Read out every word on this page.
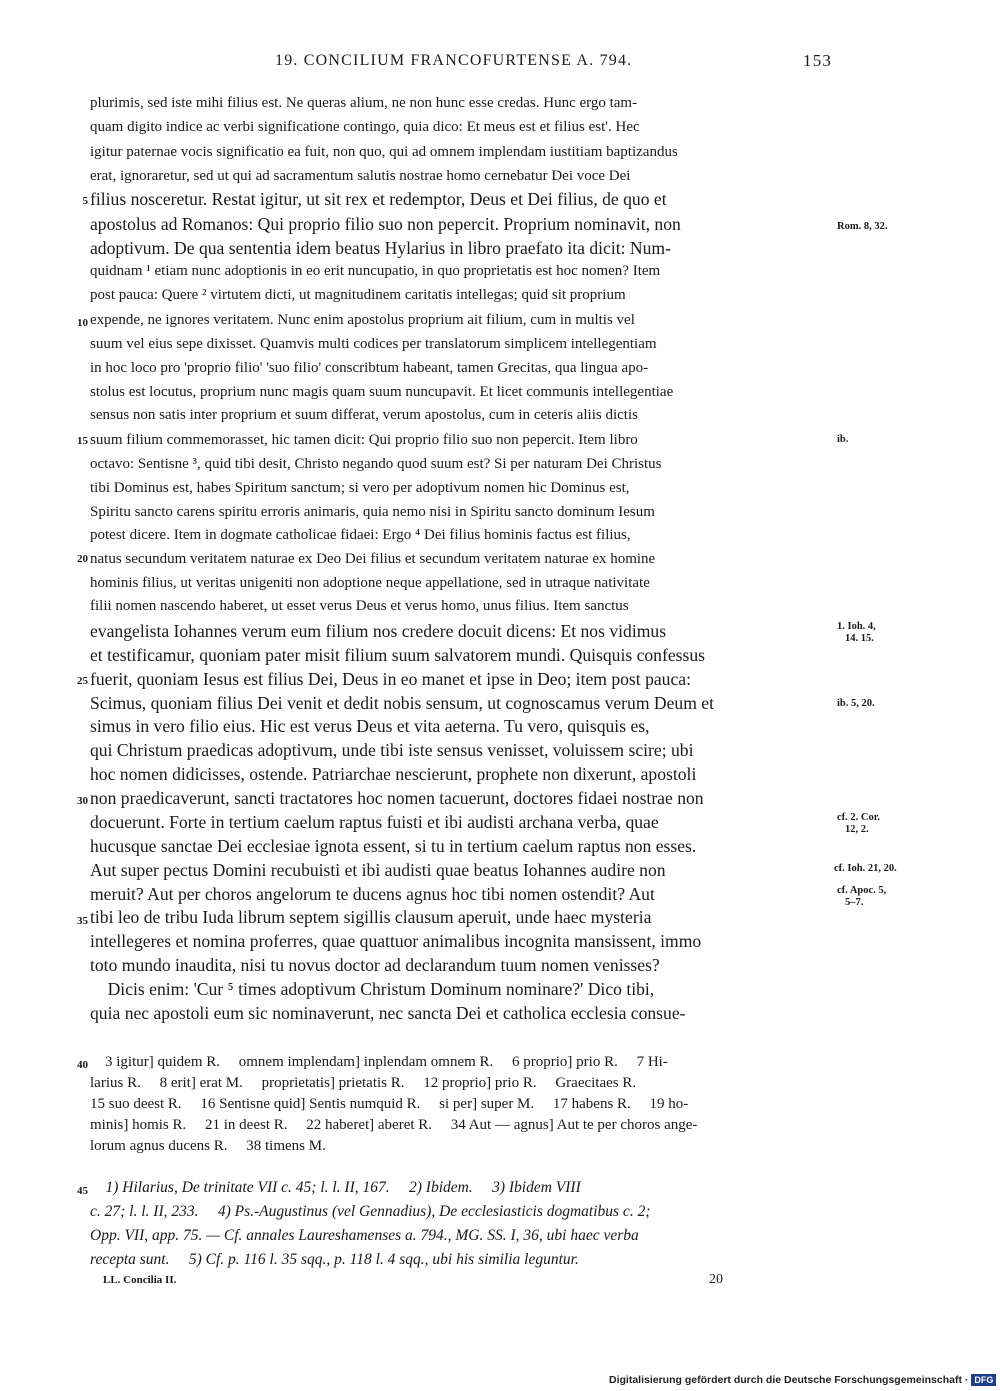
19. CONCILIUM FRANCOFURTENSE A. 794.	153
plurimis, sed iste mihi filius est. Ne queras alium, ne non hunc esse credas. Hunc ergo tam-
quam digito indice ac verbi significatione contingo, quia dico: Et meus est et filius est'. Hec
igitur paternae vocis significatio ea fuit, non quo, qui ad omnem implendam iustitiam baptizandus
erat, ignoraretur, sed ut qui ad sacramentum salutis nostrae homo cernebatur Dei voce Dei
filius nosceretur. Restat igitur, ut sit rex et redemptor, Deus et Dei filius, de quo et
apostolus ad Romanos: Qui proprio filio suo non pepercit. Proprium nominavit, non
adoptivum. De qua sententia idem beatus Hylarius in libro praefato ita dicit: Num-
quidnam ¹ etiam nunc adoptionis in eo erit nuncupatio, in quo proprietatis est hoc nomen? Item
post pauca: Quere ² virtutem dicti, ut magnitudinem caritatis intellegas; quid sit proprium
expende, ne ignores veritatem. Nunc enim apostolus proprium ait filium, cum in multis vel
suum vel eius sepe dixisset. Quamvis multi codices per translatorum simplicem intellegentiam
in hoc loco pro 'proprio filio' 'suo filio' conscribtum habeant, tamen Grecitas, qua lingua apo-
stolus est locutus, proprium nunc magis quam suum nuncupavit. Et licet communis intellegentiae
sensus non satis inter proprium et suum differat, verum apostolus, cum in ceteris aliis dictis
suum filium commemorasset, hic tamen dicit: Qui proprio filio suo non pepercit. Item libro
octavo: Sentisne ³, quid tibi desit, Christo negando quod suum est? Si per naturam Dei Christus
tibi Dominus est, habes Spiritum sanctum; si vero per adoptivum nomen hic Dominus est,
Spiritu sancto carens spiritu erroris animaris, quia nemo nisi in Spiritu sancto dominum Iesum
potest dicere. Item in dogmate catholicae fidaei: Ergo ⁴ Dei filius hominis factus est filius,
natus secundum veritatem naturae ex Deo Dei filius et secundum veritatem naturae ex homine
hominis filius, ut veritas unigeniti non adoptione neque appellatione, sed in utraque nativitate
filii nomen nascendo haberet, ut esset verus Deus et verus homo, unus filius. Item sanctus
evangelista Iohannes verum eum filium nos credere docuit dicens: Et nos vidimus
et testificamur, quoniam pater misit filium suum salvatorem mundi. Quisquis confessus
fuerit, quoniam Iesus est filius Dei, Deus in eo manet et ipse in Deo; item post pauca:
Scimus, quoniam filius Dei venit et dedit nobis sensum, ut cognoscamus verum Deum et
simus in vero filio eius. Hic est verus Deus et vita aeterna. Tu vero, quisquis es,
qui Christum praedicas adoptivum, unde tibi iste sensus venisset, voluissem scire; ubi
hoc nomen didicisses, ostende. Patriarchae nescierunt, prophete non dixerunt, apostoli
non praedicaverunt, sancti tractatores hoc nomen tacuerunt, doctores fidaei nostrae non
docuerunt. Forte in tertium caelum raptus fuisti et ibi audisti archana verba, quae
hucusque sanctae Dei ecclesiae ignota essent, si tu in tertium caelum raptus non esses.
Aut super pectus Domini recubuisti et ibi audisti quae beatus Iohannes audire non
meruit? Aut per choros angelorum te ducens agnus hoc tibi nomen ostendit? Aut
tibi leo de tribu Iuda librum septem sigillis clausum aperuit, unde haec mysteria
intellegeres et nomina proferres, quae quattuor animalibus incognita mansissent, immo
toto mundo inaudita, nisi tu novus doctor ad declarandum tuum nomen venisses?
Dicis enim: 'Cur ⁵ times adoptivum Christum Dominum nominare?' Dico tibi,
quia nec apostoli eum sic nominaverunt, nec sancta Dei et catholica ecclesia consue-
5
10
15
20
25
30
35
40
45
Rom. 8, 32.
ib.
1. Ioh. 4,
14. 15.
ib. 5, 20.
cf. 2. Cor.
12, 2.
cf. Ioh. 21, 20.
cf. Apoc. 5,
5–7.
3 igitur] quidem R.     omnem implendam] inplendam omnem R.     6 proprio] prio R.     7 Hi-
larius R.     8 erit] erat M.     proprietatis] prietatis R.     12 proprio] prio R.     Graecitaes R.
15 suo deest R.     16 Sentisne quid] Sentis numquid R.     si per] super M.     17 habens R.     19 ho-
minis] homis R.     21 in deest R.     22 haberet] aberet R.     34 Aut — agnus] Aut te per choros ange-
lorum agnus ducens R.     38 timens M.
1) Hilarius, De trinitate VII c. 45; l. l. II, 167.     2) Ibidem.     3) Ibidem VIII
c. 27; l. l. II, 233.     4) Ps.-Augustinus (vel Gennadius), De ecclesiasticis dogmatibus c. 2;
Opp. VII, app. 75. — Cf. annales Laureshamenses a. 794., MG. SS. I, 36, ubi haec verba
recepta sunt.     5) Cf. p. 116 l. 35 sqq., p. 118 l. 4 sqq., ubi his similia leguntur.
LL. Concilia II.	20
Digitalisierung gefördert durch die Deutsche Forschungsgemeinschaft · DFG
